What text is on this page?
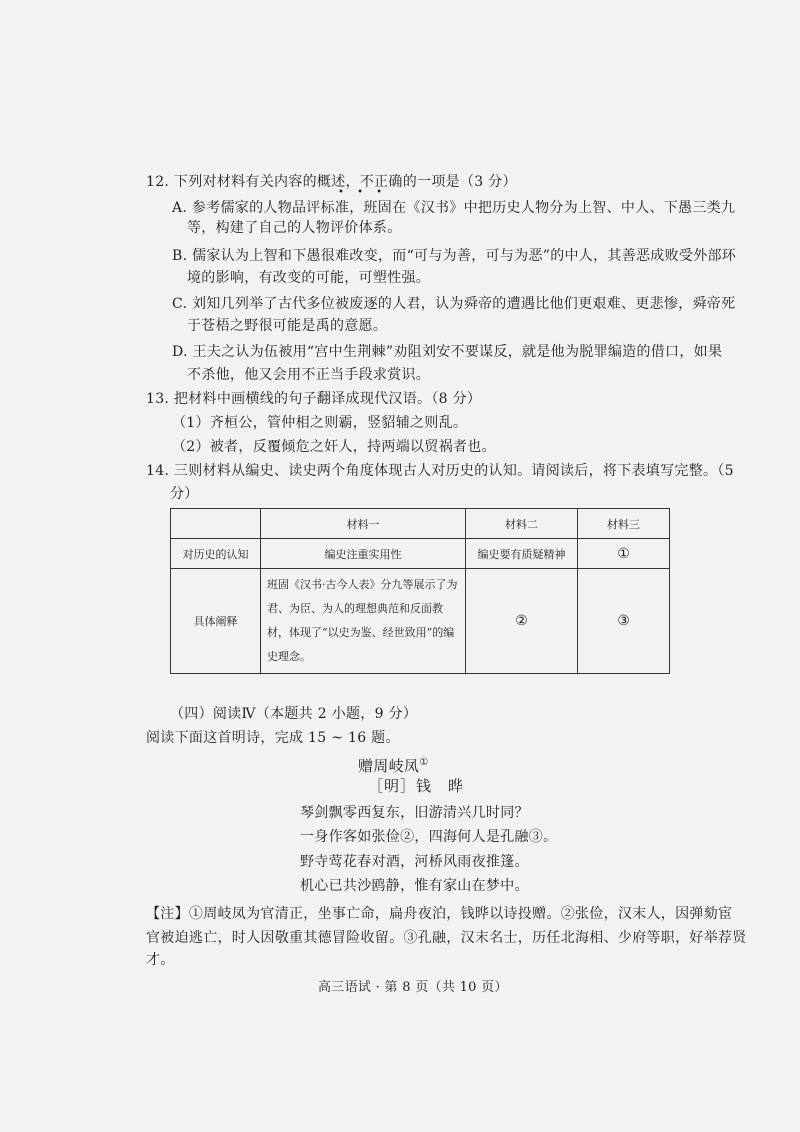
12. 下列对材料有关内容的概述，不正确的一项是（3 分）
• • •
A. 参考儒家的人物品评标准，班固在《汉书》中把历史人物分为上智、中人、下愚三类九
等，构建了自己的人物评价体系。
B. 儒家认为上智和下愚很难改变，而“可与为善，可与为恶”的中人，其善恶成败受外部环
境的影响，有改变的可能，可塑性强。
C. 刘知几列举了古代多位被废逐的人君，认为舜帝的遭遇比他们更艰难、更悲惨，舜帝死
于苍梧之野很可能是禹的意愿。
D. 王夫之认为伍被用“宫中生荆棘”劝阻刘安不要谋反，就是他为脱罪编造的借口，如果
不杀他，他又会用不正当手段求赏识。
13. 把材料中画横线的句子翻译成现代汉语。（8 分）
（1）齐桓公，管仲相之则霸，竖貂辅之则乱。
（2）被者，反覆倾危之奸人，持两端以贸祸者也。
14. 三则材料从编史、读史两个角度体现古人对历史的认知。请阅读后，将下表填写完整。（5
分）
	材料一	材料二	材料三
对历史的认知	编史注重实用性	编史要有质疑精神	①
具体阐释	班固《汉书·古今人表》分九等展示了为君、为臣、为人的理想典范和反面教材，体现了“以史为鉴、经世致用”的编史理念。	②	③
（四）阅读Ⅳ（本题共 2 小题，9 分）
阅读下面这首明诗，完成 15 ~ 16 题。
赠周岐凤①
［明］钱　晔
琴剑飘零西复东，旧游清兴几时同？
一身作客如张俭②，四海何人是孔融③。
野寺莺花春对酒，河桥风雨夜推篷。
机心已共沙鸥静，惟有家山在梦中。
【注】①周岐凤为官清正，坐事亡命，扁舟夜泊，钱晔以诗投赠。②张俭，汉末人，因弹劾宦
官被迫逃亡，时人因敬重其德冒险收留。③孔融，汉末名士，历任北海相、少府等职，好举荐贤
才。
高三语试 · 第 8 页（共 10 页）
